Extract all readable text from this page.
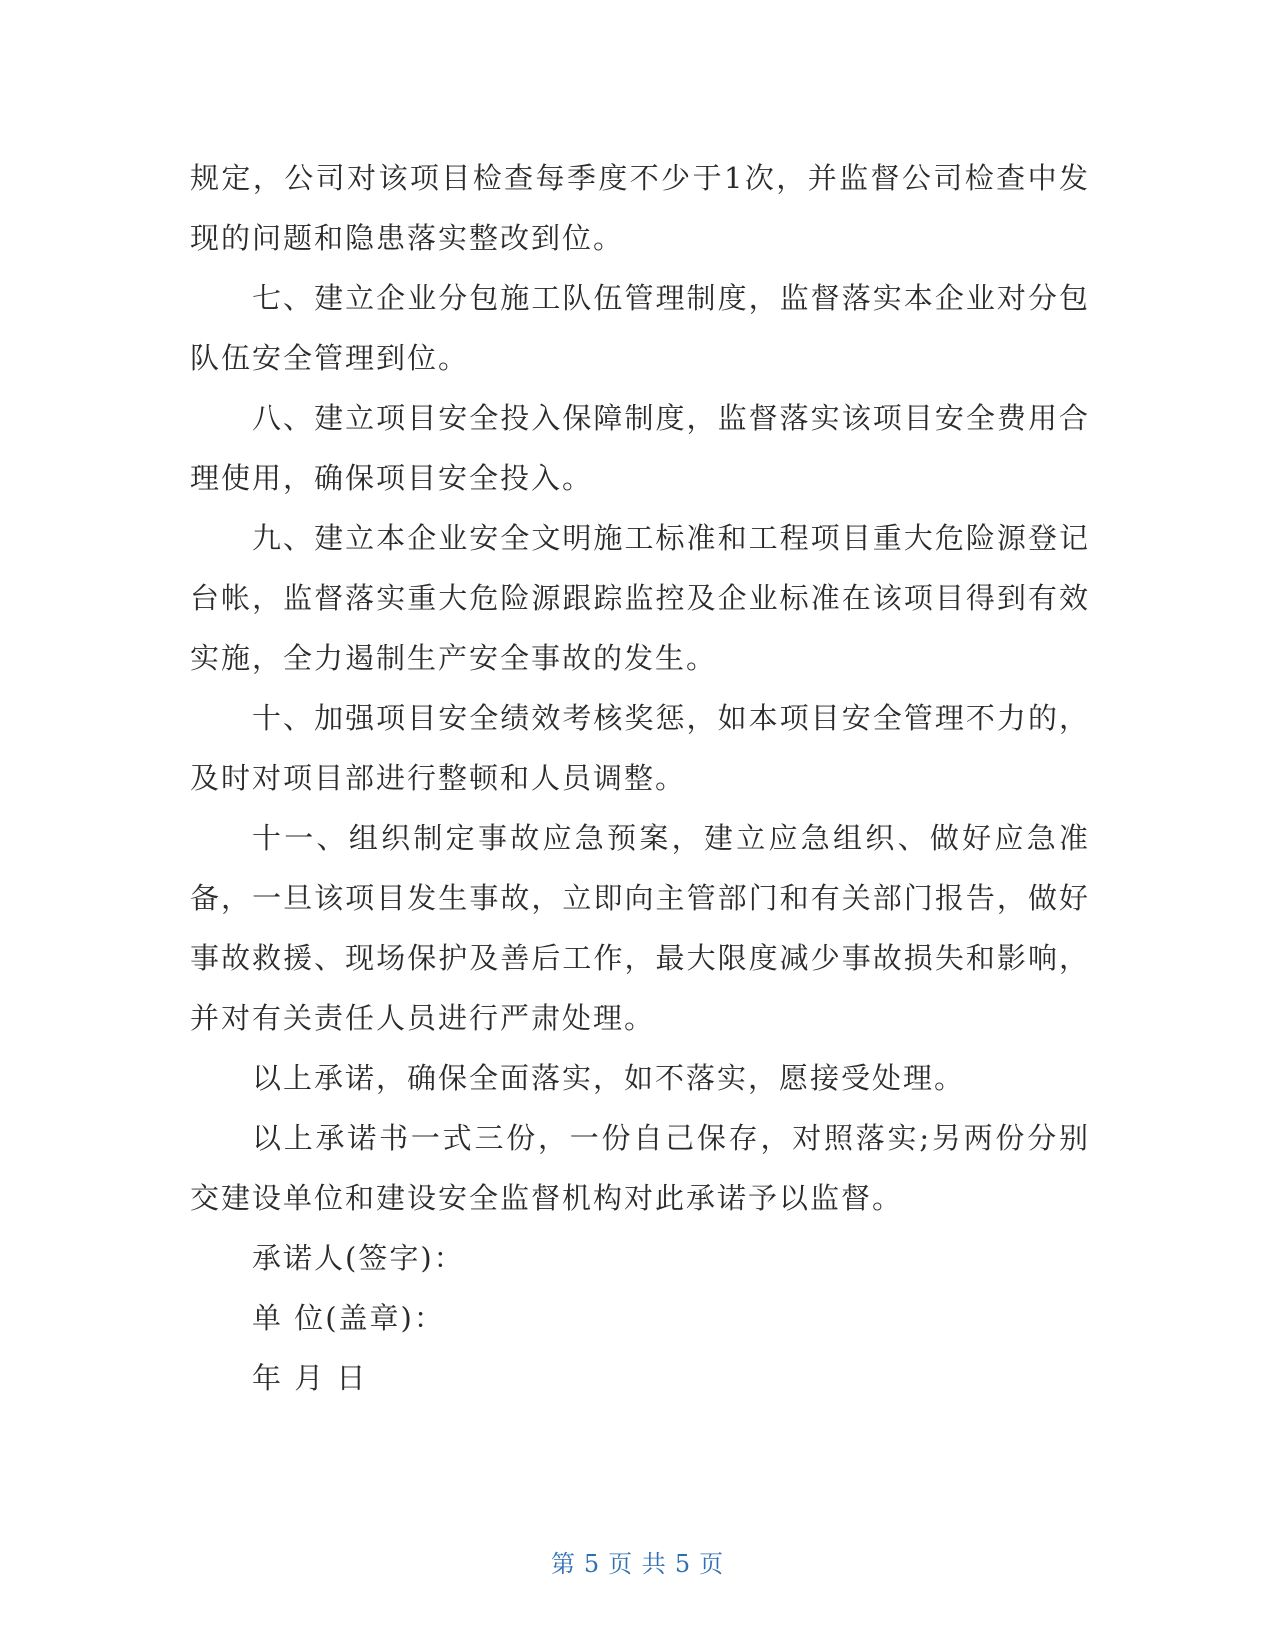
规定，公司对该项目检查每季度不少于1次，并监督公司检查中发现的问题和隐患落实整改到位。

七、建立企业分包施工队伍管理制度，监督落实本企业对分包队伍安全管理到位。

八、建立项目安全投入保障制度，监督落实该项目安全费用合理使用，确保项目安全投入。

九、建立本企业安全文明施工标准和工程项目重大危险源登记台帐，监督落实重大危险源跟踪监控及企业标准在该项目得到有效实施，全力遏制生产安全事故的发生。

十、加强项目安全绩效考核奖惩，如本项目安全管理不力的，及时对项目部进行整顿和人员调整。

十一、组织制定事故应急预案，建立应急组织、做好应急准备，一旦该项目发生事故，立即向主管部门和有关部门报告，做好事故救援、现场保护及善后工作，最大限度减少事故损失和影响，并对有关责任人员进行严肃处理。

以上承诺，确保全面落实，如不落实，愿接受处理。

以上承诺书一式三份，一份自己保存，对照落实;另两份分别交建设单位和建设安全监督机构对此承诺予以监督。

承诺人(签字)：

单 位(盖章)：

年 月 日

第 5 页 共 5 页
